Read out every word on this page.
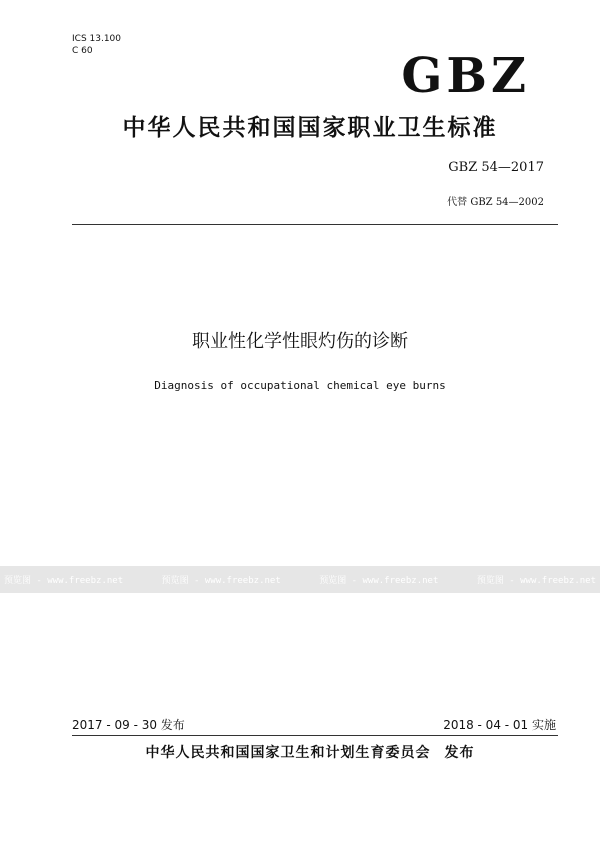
ICS 13.100
C 60	GBZ
中华人民共和国国家职业卫生标准
GBZ 54—2017
代替 GBZ 54—2002
职业性化学性眼灼伤的诊断
Diagnosis of occupational chemical eye burns
预览图 - www.freebz.net	预览图 - www.freebz.net	预览图 - www.freebz.net	预览图 - www.freebz.net
2017 - 09 - 30 发布	2018 - 04 - 01 实施
中华人民共和国国家卫生和计划生育委员会 发布
